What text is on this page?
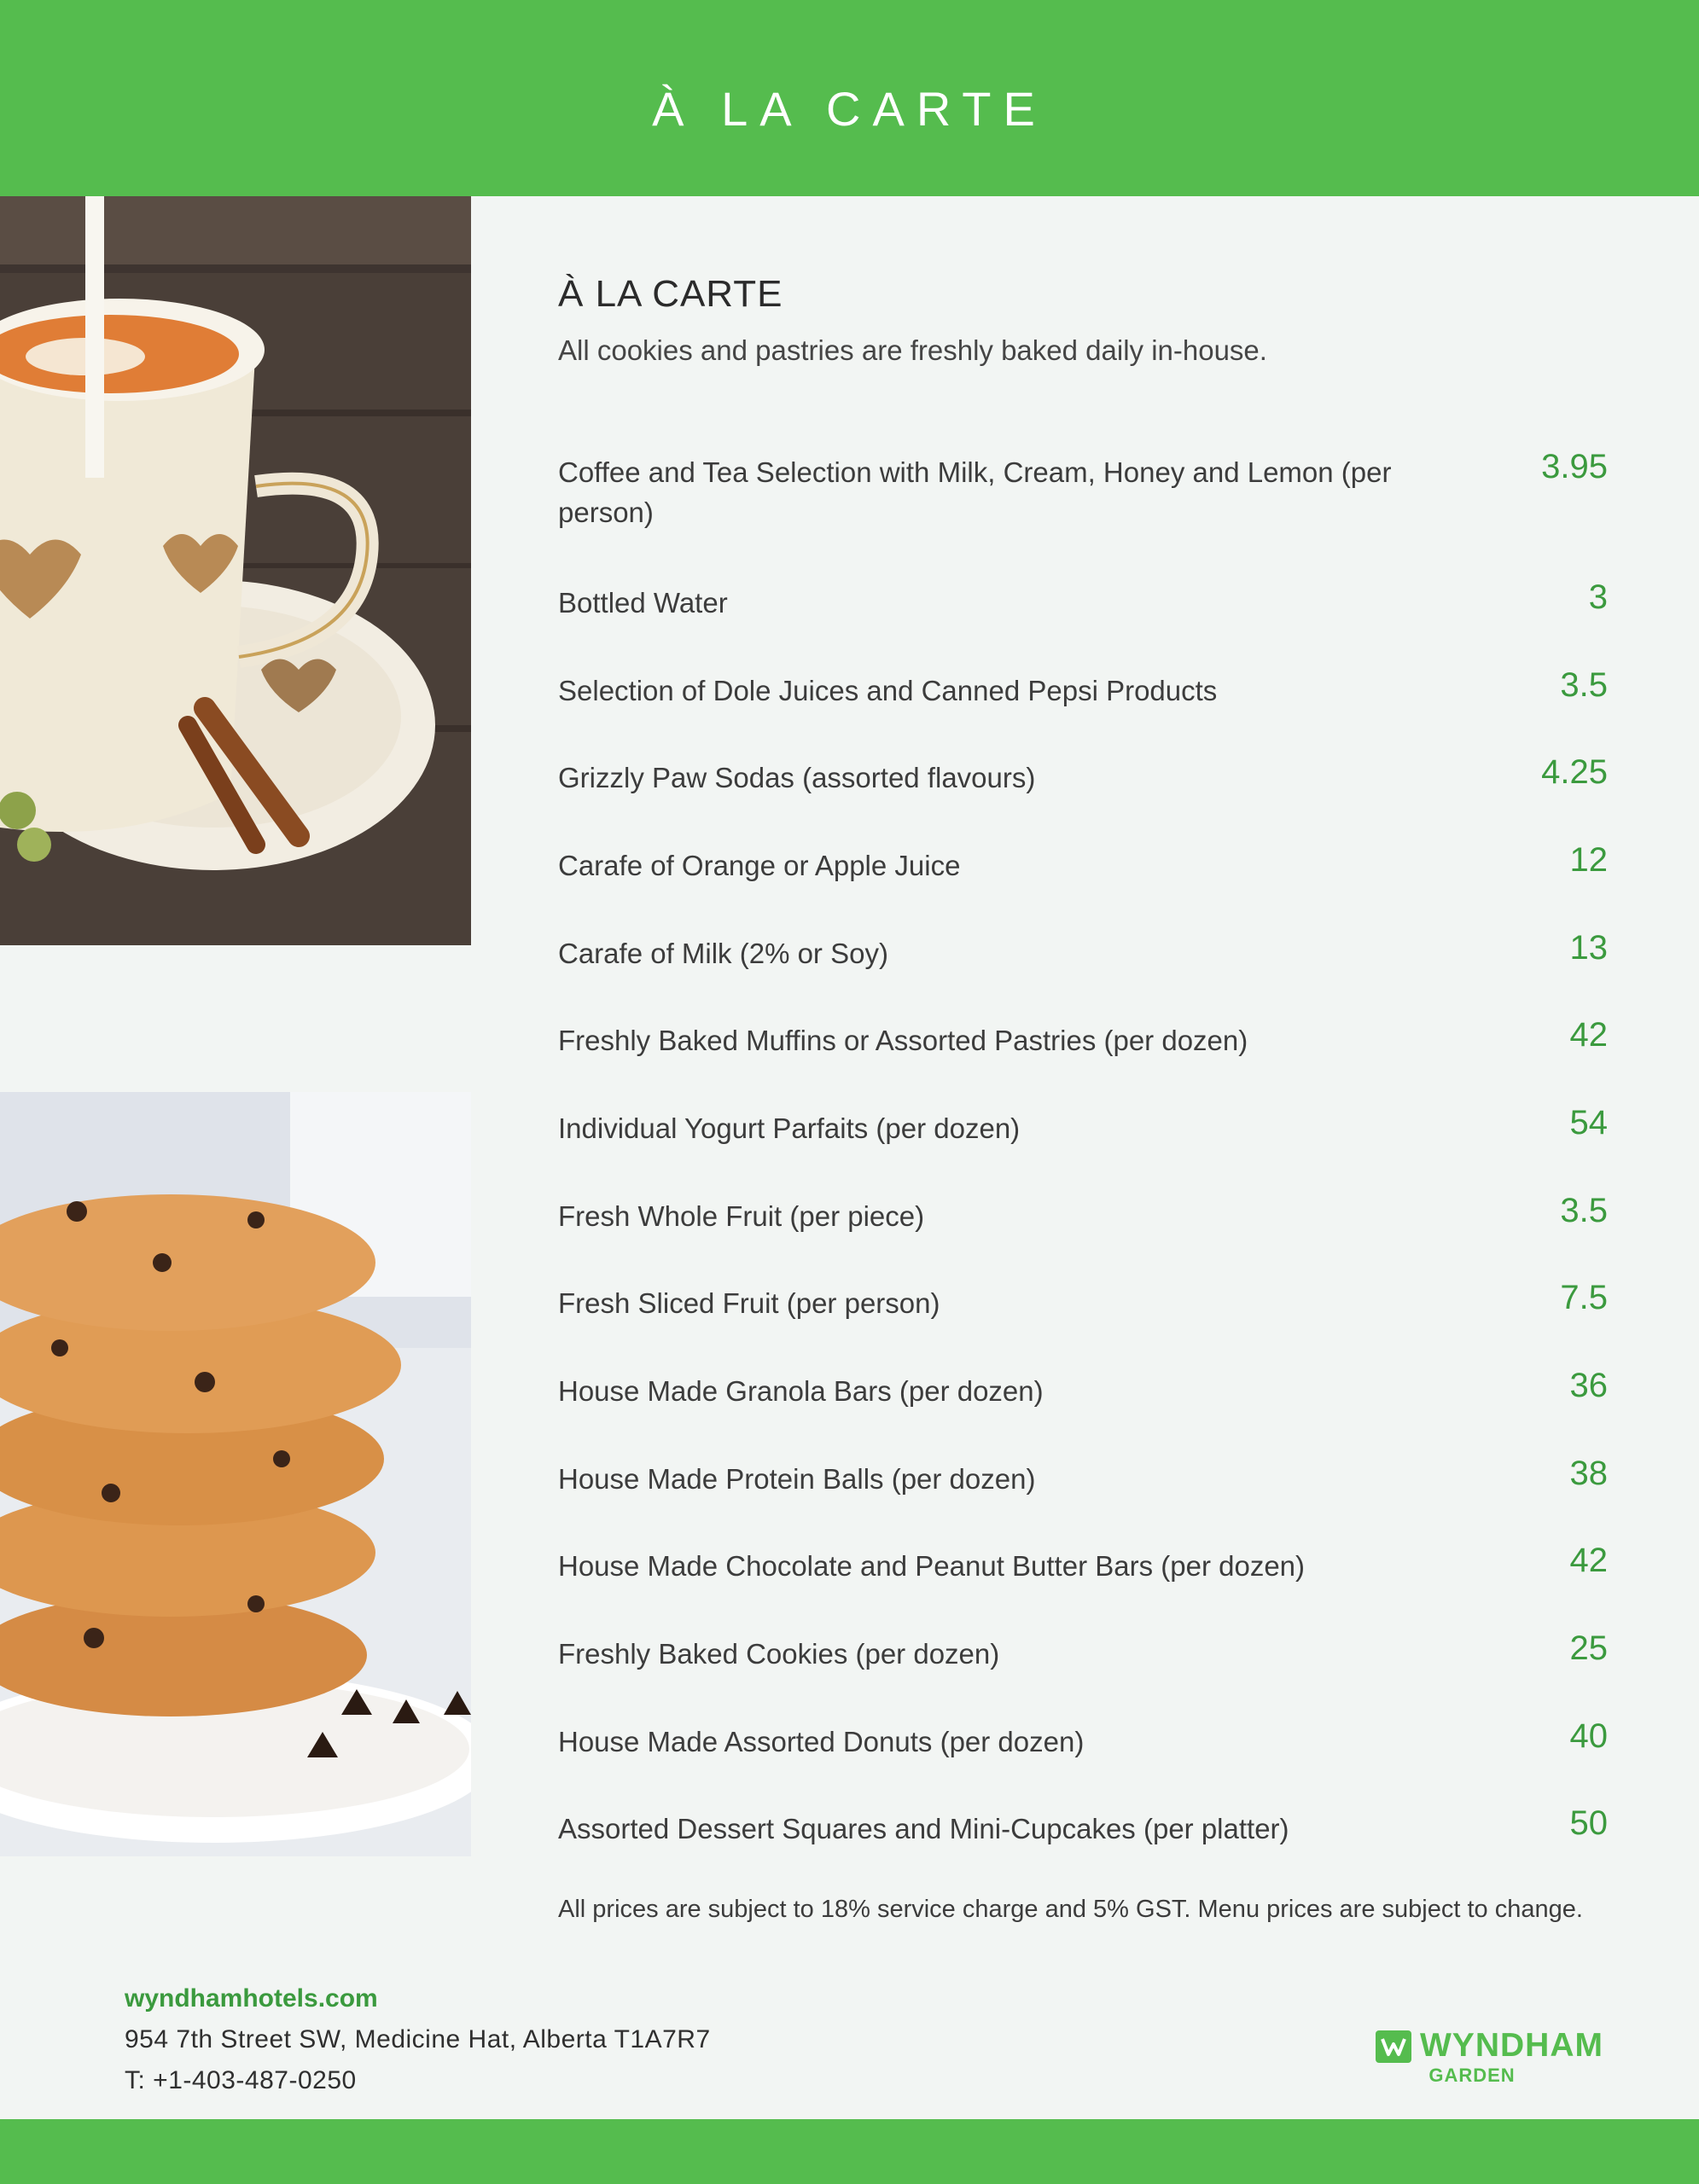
À LA CARTE
À LA CARTE

All cookies and pastries are freshly baked daily in-house.

Coffee and Tea Selection with Milk, Cream, Honey and Lemon (per person)
3.95
Bottled Water	3
Selection of Dole Juices and Canned Pepsi Products	3.5
Grizzly Paw Sodas (assorted flavours)	4.25
Carafe of Orange or Apple Juice	12
Carafe of Milk (2% or Soy)	13
Freshly Baked Muffins or Assorted Pastries (per dozen)	42
Individual Yogurt Parfaits (per dozen)	54
Fresh Whole Fruit (per piece)	3.5
Fresh Sliced Fruit (per person)	7.5
House Made Granola Bars (per dozen)	36
House Made Protein Balls (per dozen)	38
House Made Chocolate and Peanut Butter Bars (per dozen)	42
Freshly Baked Cookies (per dozen)	25
House Made Assorted Donuts (per dozen)	40
Assorted Dessert Squares and Mini-Cupcakes (per platter)	50

All prices are subject to 18% service charge and 5% GST. Menu prices are subject to change.

wyndhamhotels.com

954 7th Street SW, Medicine Hat, Alberta T1A7R7

T: +1-403-487-0250

WYNDHAM
GARDEN
